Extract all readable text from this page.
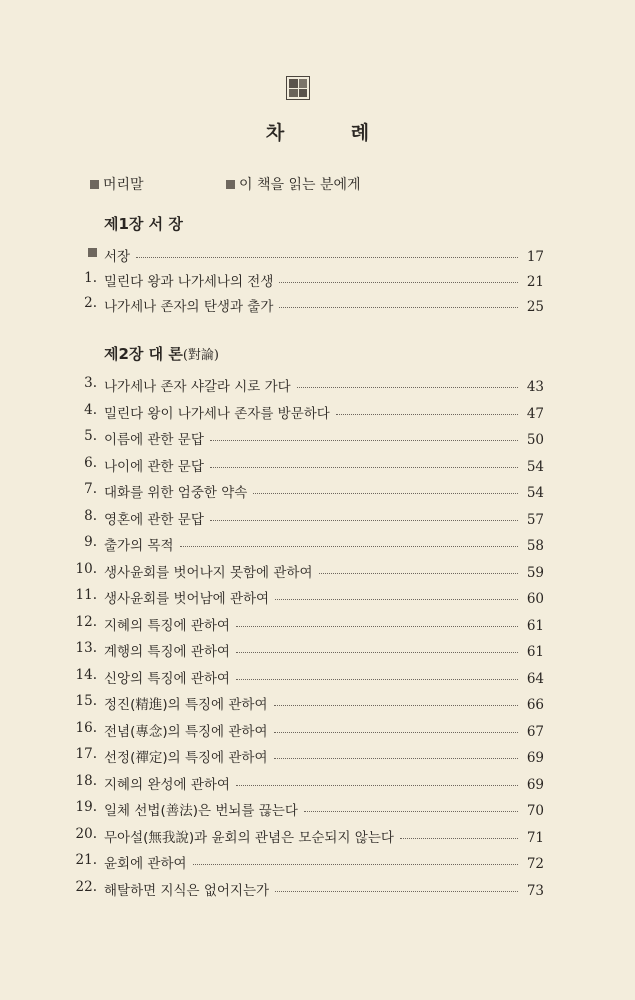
차 례
머리말	이 책을 읽는 분에게
제1장 서 장
제2장 대 론(對論)
서장	17
1. 밀린다 왕과 나가세나의 전생	21
2. 나가세나 존자의 탄생과 출가	25
3. 나가세나 존자 샤갈라 시로 가다	43
4. 밀린다 왕이 나가세나 존자를 방문하다	47
5. 이름에 관한 문답	50
6. 나이에 관한 문답	54
7. 대화를 위한 엄중한 약속	54
8. 영혼에 관한 문답	57
9. 출가의 목적	58
10. 생사윤회를 벗어나지 못함에 관하여	59
11. 생사윤회를 벗어남에 관하여	60
12. 지혜의 특징에 관하여	61
13. 계행의 특징에 관하여	61
14. 신앙의 특징에 관하여	64
15. 정진(精進)의 특징에 관하여	66
16. 전념(專念)의 특징에 관하여	67
17. 선정(禪定)의 특징에 관하여	69
18. 지혜의 완성에 관하여	69
19. 일체 선법(善法)은 번뇌를 끊는다	70
20. 무아설(無我說)과 윤회의 관념은 모순되지 않는다	71
21. 윤회에 관하여	72
22. 해탈하면 지식은 없어지는가	73
